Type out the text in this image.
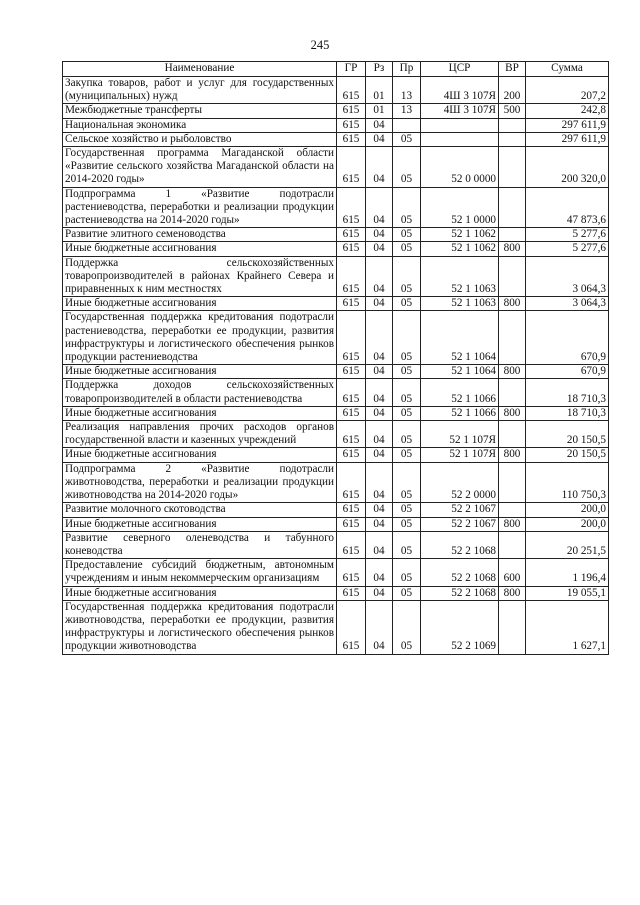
245
Наименование	ГР	Рз	Пр	ЦСР	ВР	Сумма
Закупка товаров, работ и услуг для государственных (муниципальных) нужд	615	01	13	4Ш 3 107Я	200	207,2
Межбюджетные трансферты	615	01	13	4Ш 3 107Я	500	242,8
Национальная экономика	615	04				297 611,9
Сельское хозяйство и рыболовство	615	04	05			297 611,9
Государственная программа Магаданской области «Развитие сельского хозяйства Магаданской области на 2014-2020 годы»	615	04	05	52 0 0000		200 320,0
Подпрограмма 1 «Развитие подотрасли растениеводства, переработки и реализации продукции растениеводства на 2014-2020 годы»	615	04	05	52 1 0000		47 873,6
Развитие элитного семеноводства	615	04	05	52 1 1062		5 277,6
Иные бюджетные ассигнования	615	04	05	52 1 1062	800	5 277,6
Поддержка сельскохозяйственных товаропроизводителей в районах Крайнего Севера и приравненных к ним местностях	615	04	05	52 1 1063		3 064,3
Иные бюджетные ассигнования	615	04	05	52 1 1063	800	3 064,3
Государственная поддержка кредитования подотрасли растениеводства, переработки ее продукции, развития инфраструктуры и логистического обеспечения рынков продукции растениеводства	615	04	05	52 1 1064		670,9
Иные бюджетные ассигнования	615	04	05	52 1 1064	800	670,9
Поддержка доходов сельскохозяйственных товаропроизводителей в области растениеводства	615	04	05	52 1 1066		18 710,3
Иные бюджетные ассигнования	615	04	05	52 1 1066	800	18 710,3
Реализация направления прочих расходов органов государственной власти и казенных учреждений	615	04	05	52 1 107Я		20 150,5
Иные бюджетные ассигнования	615	04	05	52 1 107Я	800	20 150,5
Подпрограмма 2 «Развитие подотрасли животноводства, переработки и реализации продукции животноводства на 2014-2020 годы»	615	04	05	52 2 0000		110 750,3
Развитие молочного скотоводства	615	04	05	52 2 1067		200,0
Иные бюджетные ассигнования	615	04	05	52 2 1067	800	200,0
Развитие северного оленеводства и табунного коневодства	615	04	05	52 2 1068		20 251,5
Предоставление субсидий бюджетным, автономным учреждениям и иным некоммерческим организациям	615	04	05	52 2 1068	600	1 196,4
Иные бюджетные ассигнования	615	04	05	52 2 1068	800	19 055,1
Государственная поддержка кредитования подотрасли животноводства, переработки ее продукции, развития инфраструктуры и логистического обеспечения рынков продукции животноводства	615	04	05	52 2 1069		1 627,1
